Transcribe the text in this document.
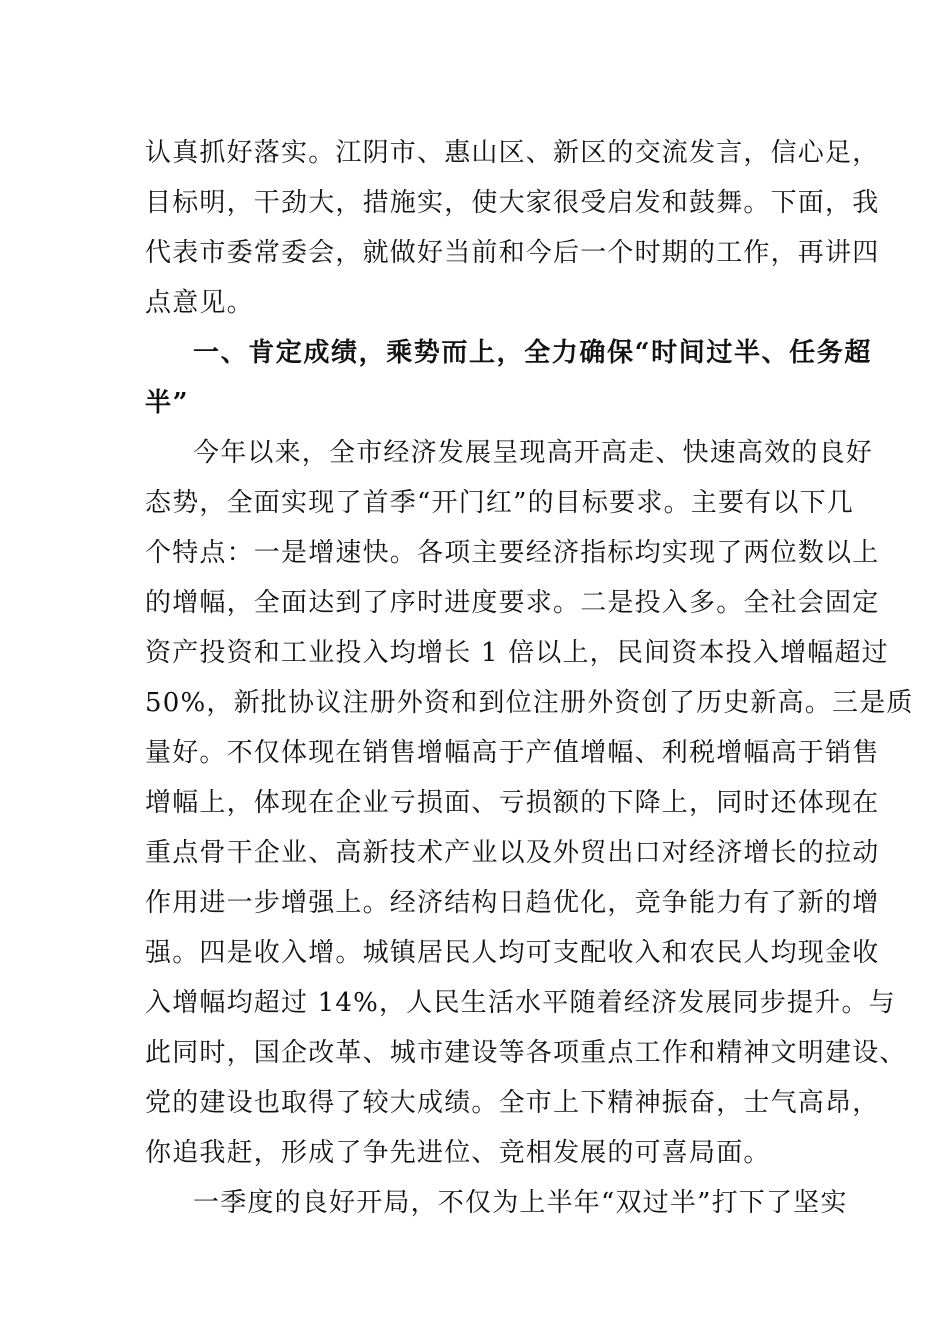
认真抓好落实。江阴市、惠山区、新区的交流发言，信心足，
目标明，干劲大，措施实，使大家很受启发和鼓舞。下面，我
代表市委常委会，就做好当前和今后一个时期的工作，再讲四
点意见。
一、肯定成绩，乘势而上，全力确保“时间过半、任务超
半”
今年以来，全市经济发展呈现高开高走、快速高效的良好
态势，全面实现了首季“开门红”的目标要求。主要有以下几
个特点：一是增速快。各项主要经济指标均实现了两位数以上
的增幅，全面达到了序时进度要求。二是投入多。全社会固定
资产投资和工业投入均增长 1 倍以上，民间资本投入增幅超过
50%，新批协议注册外资和到位注册外资创了历史新高。三是质
量好。不仅体现在销售增幅高于产值增幅、利税增幅高于销售
增幅上，体现在企业亏损面、亏损额的下降上，同时还体现在
重点骨干企业、高新技术产业以及外贸出口对经济增长的拉动
作用进一步增强上。经济结构日趋优化，竞争能力有了新的增
强。四是收入增。城镇居民人均可支配收入和农民人均现金收
入增幅均超过 14%，人民生活水平随着经济发展同步提升。与
此同时，国企改革、城市建设等各项重点工作和精神文明建设、
党的建设也取得了较大成绩。全市上下精神振奋，士气高昂，
你追我赶，形成了争先进位、竞相发展的可喜局面。
一季度的良好开局，不仅为上半年“双过半”打下了坚实
